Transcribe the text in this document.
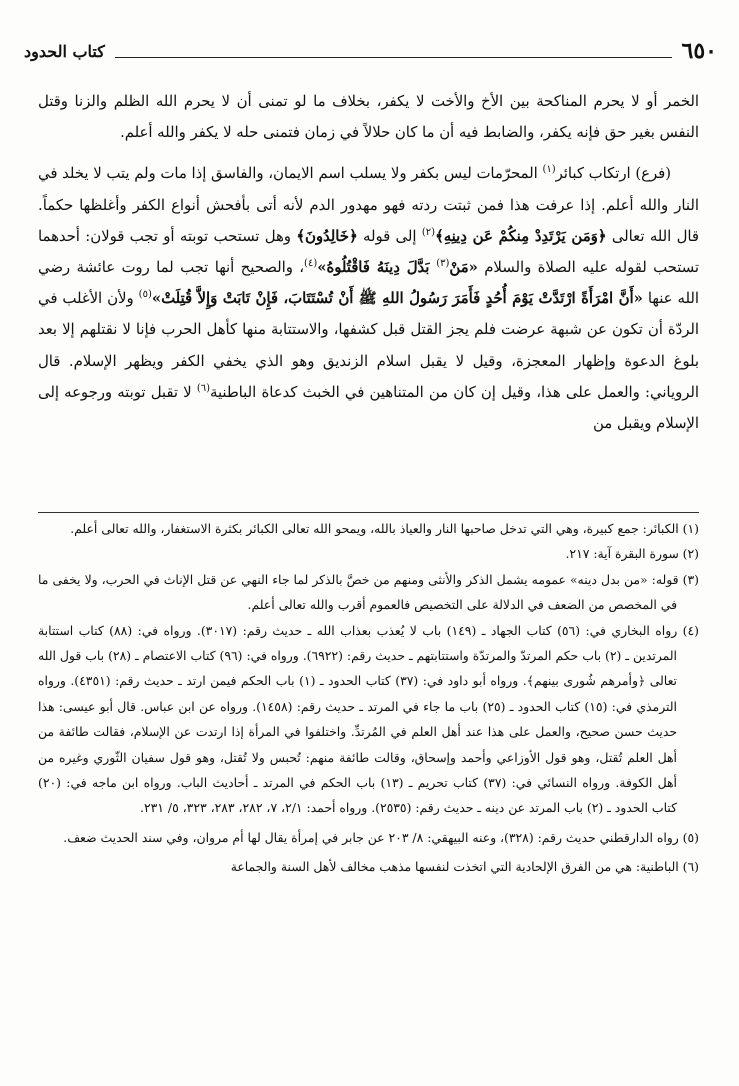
٦٥٠
كتاب الحدود

الخمر أو لا يحرم المناكحة بين الأخ والأخت لا يكفر، بخلاف ما لو تمنى أن لا يحرم الله الظلم والزنا وقتل النفس بغير حق فإنه يكفر، والضابط فيه أن ما كان حلالاً في زمان فتمنى حله لا يكفر والله أعلم.

(فرع) ارتكاب كبائر$^{(١)}$ المحرّمات ليس بكفر ولا يسلب اسم الايمان، والفاسق إذا مات ولم يتب لا يخلد في النار والله أعلم. إذا عرفت هذا فمن ثبتت ردته فهو مهدور الدم لأنه أتى بأفحش أنواع الكفر وأغلظها حكماً. قال الله تعالى ﴿وَمَن يَرْتَدِدْ مِنكُمْ عَن دِينِهِ﴾$^{(٢)}$ إلى قوله ﴿خَالِدُونَ﴾ وهل تستحب توبته أو تجب قولان: أحدهما تستحب لقوله عليه الصلاة والسلام «مَنْ$^{(٣)}$ بَدَّلَ دِينَهُ فَاقْتُلُوهُ»$^{(٤)}$، والصحيح أنها تجب لما روت عائشة رضي الله عنها «أَنَّ امْرَأَةً ارْتَدَّتْ يَوْمَ أُحُدٍ فَأَمَرَ رَسُولُ اللهِ ﷺ أَنْ تُسْتَتَابَ، فَإِنْ تَابَتْ وَإِلاَّ قُتِلَتْ»$^{(٥)}$ ولأن الأغلب في الردّة أن تكون عن شبهة عرضت فلم يجز القتل قبل كشفها، والاستتابة منها كأهل الحرب فإنا لا نقتلهم إلا بعد بلوغ الدعوة وإظهار المعجزة، وقيل لا يقبل اسلام الزنديق وهو الذي يخفي الكفر ويظهر الإسلام. قال الروياني: والعمل على هذا، وقيل إن كان من المتناهين في الخبث كدعاة الباطنية$^{(٦)}$ لا تقبل توبته ورجوعه إلى الإسلام ويقبل من

(١) الكبائر: جمع كبيرة، وهي التي تدخل صاحبها النار والعياذ بالله، ويمحو الله تعالى الكبائر بكثرة الاستغفار، والله تعالى أعلم.

(٢) سورة البقرة آية: ٢١٧.

(٣) قوله: «من بدل دينه» عمومه يشمل الذكر والأنثى ومنهم من خصَّ بالذكر لما جاء النهي عن قتل الإناث في الحرب، ولا يخفى ما في المخصص من الضعف في الدلالة على التخصيص فالعموم أقرب والله تعالى أعلم.

(٤) رواه البخاري في: (٥٦) كتاب الجهاد ـ (١٤٩) باب لا يُعذب بعذاب الله ـ حديث رقم: (٣٠١٧). ورواه في: (٨٨) كتاب استتابة المرتدين ـ (٢) باب حكم المرتدّ والمرتدّة واستتابتهم ـ حديث رقم: (٦٩٢٢). ورواه في: (٩٦) كتاب الاعتصام ـ (٢٨) باب قول الله تعالى ﴿وأمرهم شُورى بينهم﴾. ورواه أبو داود في: (٣٧) كتاب الحدود ـ (١) باب الحكم فيمن ارتد ـ حديث رقم: (٤٣٥١). ورواه الترمذي في: (١٥) كتاب الحدود ـ (٢٥) باب ما جاء في المرتد ـ حديث رقم: (١٤٥٨). ورواه عن ابن عباس. قال أبو عيسى: هذا حديث حسن صحيح، والعمل على هذا عند أهل العلم في المُرتدِّ. واختلفوا في المرأة إذا ارتدت عن الإسلام، فقالت طائفة من أهل العلم تُقتل، وهو قول الأوزاعي وأحمد وإسحاق، وقالت طائفة منهم: تُحبس ولا تُقتل، وهو قول سفيان الثّوري وغيره من أهل الكوفة. ورواه النسائي في: (٣٧) كتاب تحريم ـ (١٣) باب الحكم في المرتد ـ أحاديث الباب. ورواه ابن ماجه في: (٢٠) كتاب الحدود ـ (٢) باب المرتد عن دينه ـ حديث رقم: (٢٥٣٥). ورواه أحمد: ٢/١، ٧، ٢٨٢، ٢٨٣، ٣٢٣، ٥/ ٢٣١.

(٥) رواه الدارقطني حديث رقم: (٣٢٨)، وعنه البيهقي: ٨/ ٢٠٣ عن جابر في إمرأة يقال لها أم مروان، وفي سند الحديث ضعف.

(٦) الباطنية: هي من الفرق الإلحادية التي اتخذت لنفسها مذهب مخالف لأهل السنة والجماعة
